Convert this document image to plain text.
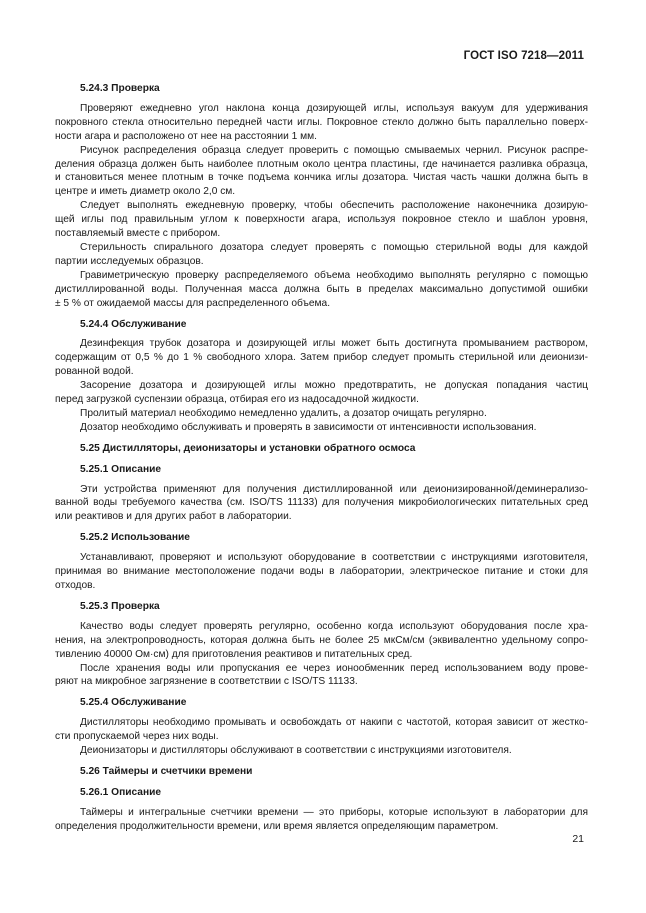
ГОСТ ISO 7218—2011
5.24.3 Проверка
Проверяют ежедневно угол наклона конца дозирующей иглы, используя вакуум для удерживания
покровного стекла относительно передней части иглы. Покровное стекло должно быть параллельно поверх-
ности агара и расположено от нее на расстоянии 1 мм.
Рисунок распределения образца следует проверить с помощью смываемых чернил. Рисунок распре-
деления образца должен быть наиболее плотным около центра пластины, где начинается разливка образца,
и становиться менее плотным в точке подъема кончика иглы дозатора. Чистая часть чашки должна быть в
центре и иметь диаметр около 2,0 см.
Следует выполнять ежедневную проверку, чтобы обеспечить расположение наконечника дозирую-
щей иглы под правильным углом к поверхности агара, используя покровное стекло и шаблон уровня,
поставляемый вместе с прибором.
Стерильность спирального дозатора следует проверять с помощью стерильной воды для каждой
партии исследуемых образцов.
Гравиметрическую проверку распределяемого объема необходимо выполнять регулярно с помощью
дистиллированной воды. Полученная масса должна быть в пределах максимально допустимой ошибки
± 5 % от ожидаемой массы для распределенного объема.
5.24.4 Обслуживание
Дезинфекция трубок дозатора и дозирующей иглы может быть достигнута промыванием раствором,
содержащим от 0,5 % до 1 % свободного хлора. Затем прибор следует промыть стерильной или деионизи-
рованной водой.
Засорение дозатора и дозирующей иглы можно предотвратить, не допуская попадания частиц
перед загрузкой суспензии образца, отбирая его из надосадочной жидкости.
Пролитый материал необходимо немедленно удалить, а дозатор очищать регулярно.
Дозатор необходимо обслуживать и проверять в зависимости от интенсивности использования.
5.25 Дистилляторы, деионизаторы и установки обратного осмоса
5.25.1 Описание
Эти устройства применяют для получения дистиллированной или деионизированной/деминерализо-
ванной воды требуемого качества (см. ISO/TS 11133) для получения микробиологических питательных сред
или реактивов и для других работ в лаборатории.
5.25.2 Использование
Устанавливают, проверяют и используют оборудование в соответствии с инструкциями изготовителя,
принимая во внимание местоположение подачи воды в лаборатории, электрическое питание и стоки для
отходов.
5.25.3 Проверка
Качество воды следует проверять регулярно, особенно когда используют оборудования после хра-
нения, на электропроводность, которая должна быть не более 25 мкСм/см (эквивалентно удельному сопро-
тивлению 40000 Ом·см) для приготовления реактивов и питательных сред.
После хранения воды или пропускания ее через ионообменник перед использованием воду прове-
ряют на микробное загрязнение в соответствии с ISO/TS 11133.
5.25.4 Обслуживание
Дистилляторы необходимо промывать и освобождать от накипи с частотой, которая зависит от жестко-
сти пропускаемой через них воды.
Деионизаторы и дистилляторы обслуживают в соответствии с инструкциями изготовителя.
5.26 Таймеры и счетчики времени
5.26.1 Описание
Таймеры и интегральные счетчики времени — это приборы, которые используют в лаборатории для
определения продолжительности времени, или время является определяющим параметром.
21
